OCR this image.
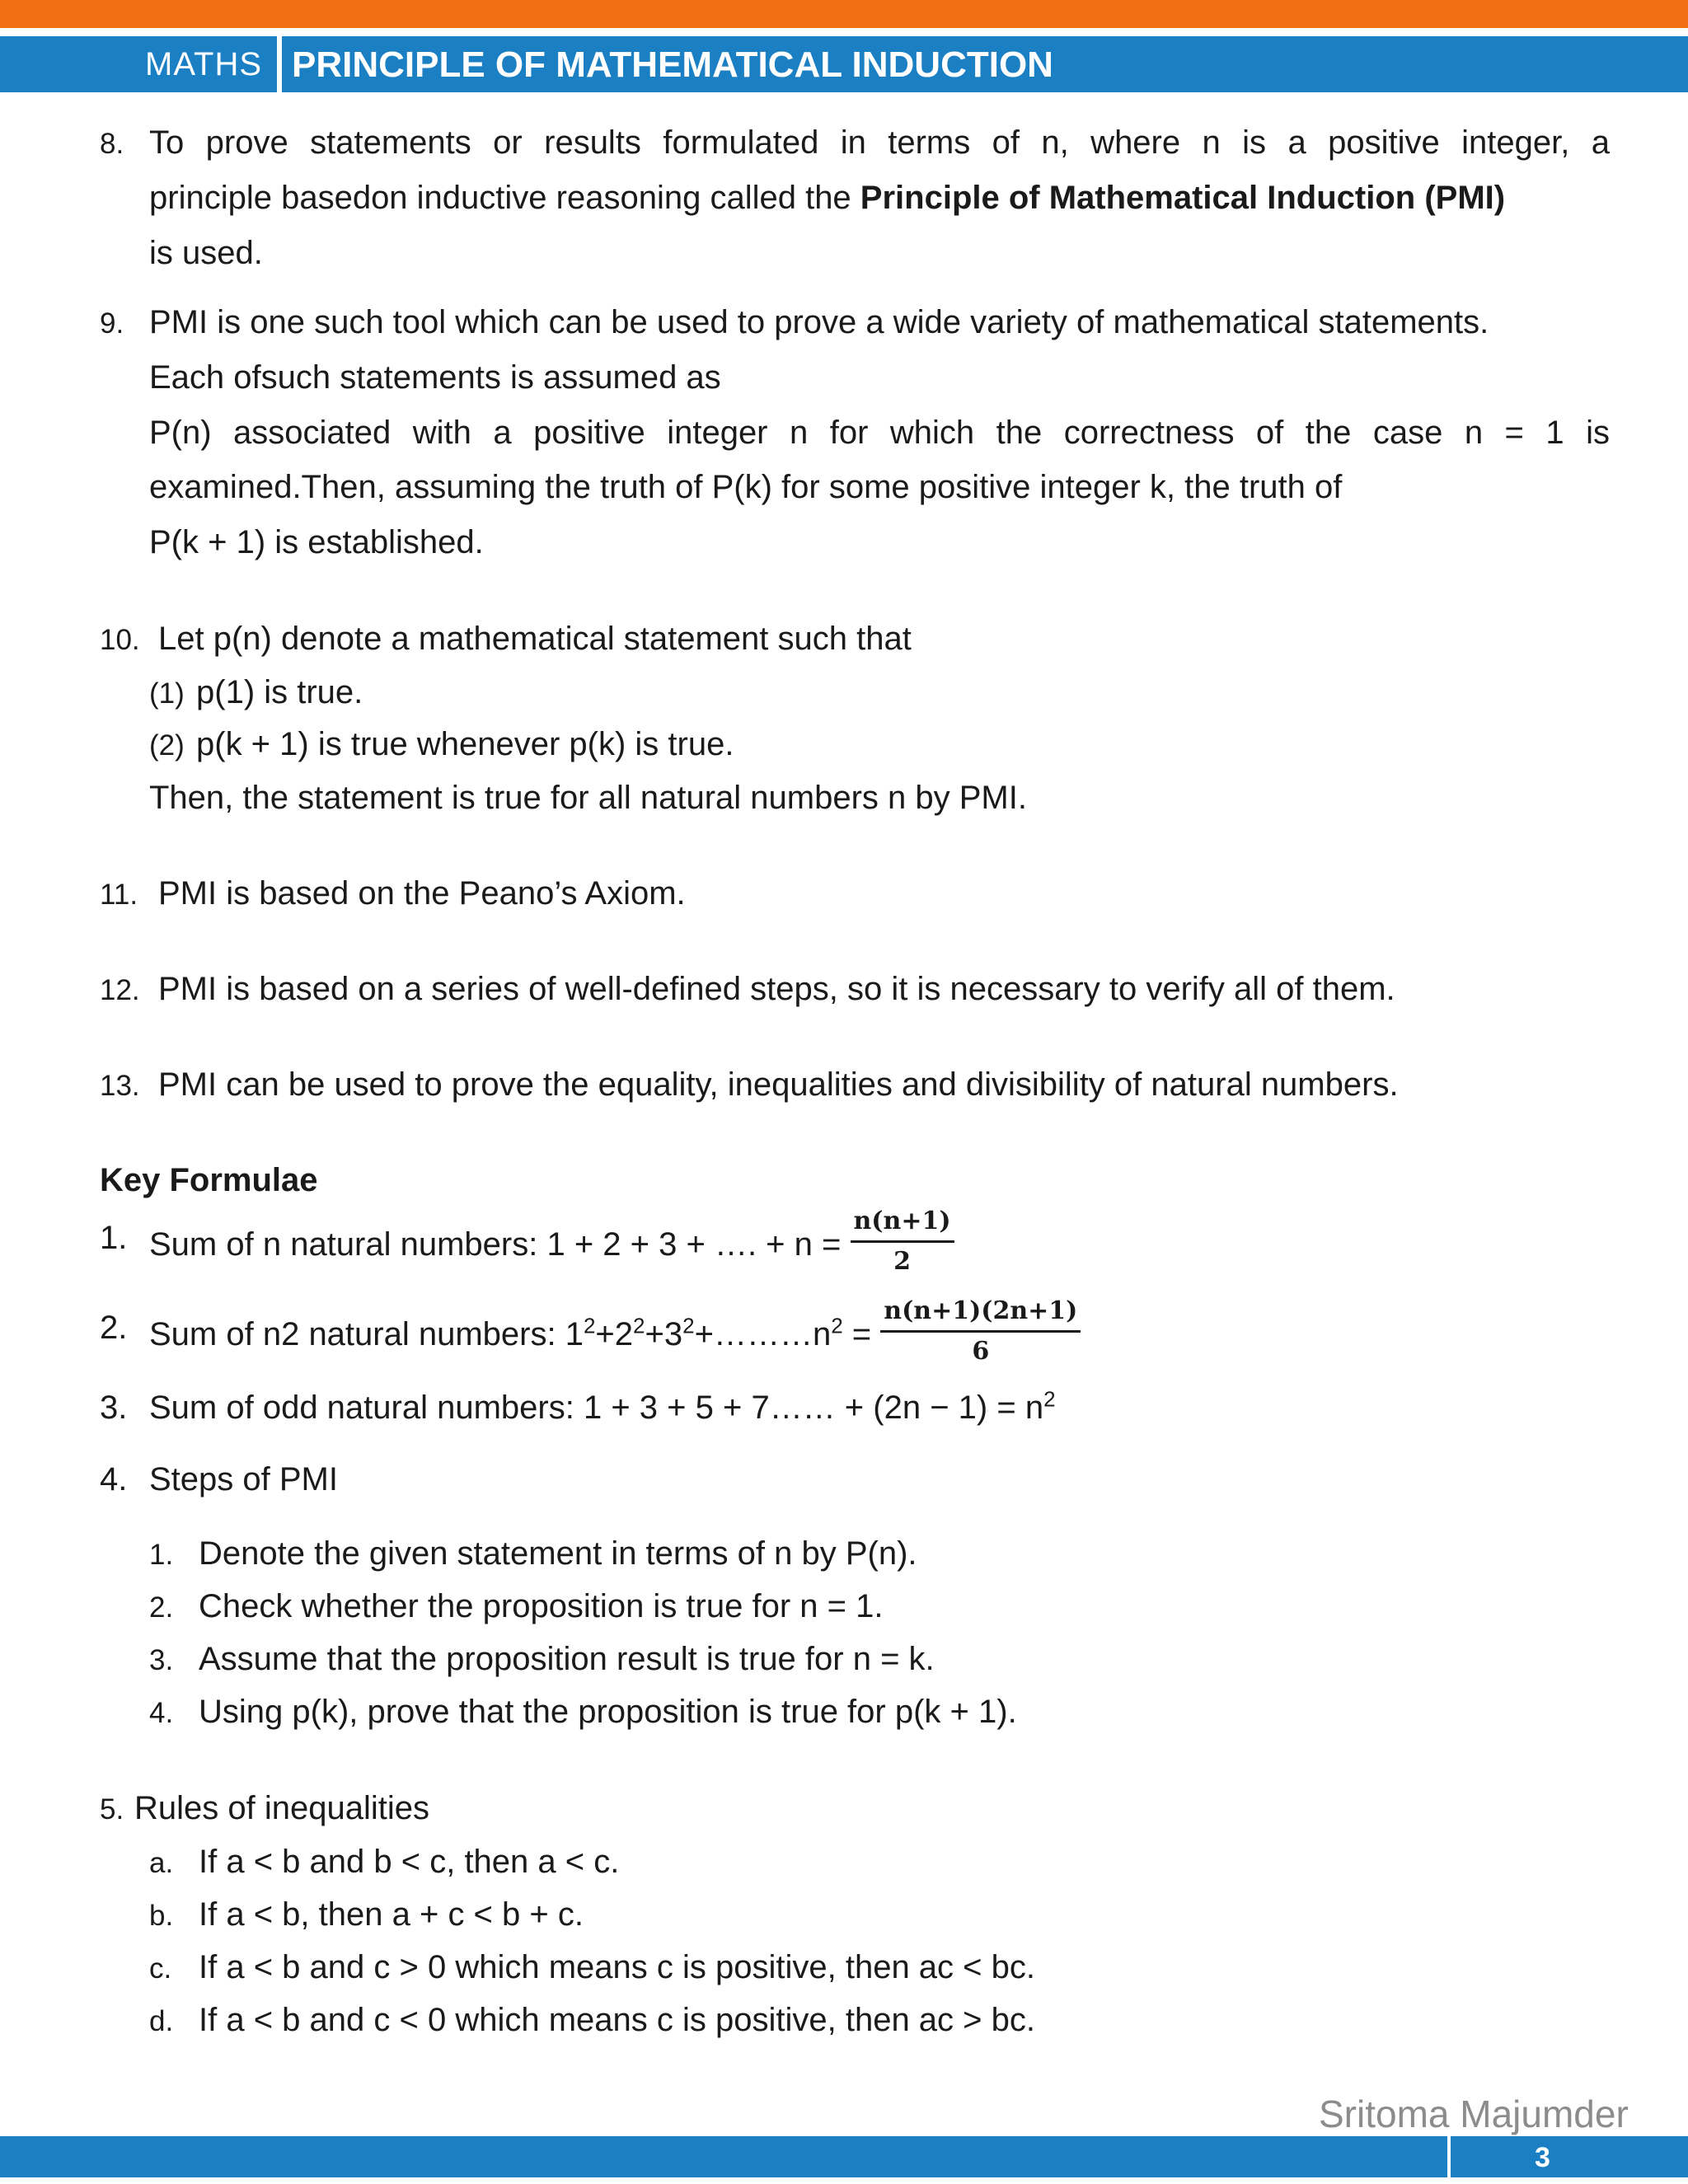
MATHS PRINCIPLE OF MATHEMATICAL INDUCTION
8. To prove statements or results formulated in terms of n, where n is a positive integer, a
principle basedon inductive reasoning called the Principle of Mathematical Induction (PMI)
is used.
9. PMI is one such tool which can be used to prove a wide variety of mathematical statements.
Each ofsuch statements is assumed as
P(n) associated with a positive integer n for which the correctness of the case n = 1 is
examined.Then, assuming the truth of P(k) for some positive integer k, the truth of
P(k + 1) is established.
10. Let p(n) denote a mathematical statement such that
(1) p(1) is true.
(2) p(k + 1) is true whenever p(k) is true.
Then, the statement is true for all natural numbers n by PMI.
11. PMI is based on the Peano’s Axiom.
12. PMI is based on a series of well-defined steps, so it is necessary to verify all of them.
13. PMI can be used to prove the equality, inequalities and divisibility of natural numbers.
Key Formulae
1. Sum of n natural numbers: 1 + 2 + 3 + …. + $n = \frac{n(n+1)}{2}$
2. Sum of n2 natural numbers: $1^2+2^2+3^2+\dots\dots\dots n^2 = \frac{n(n+1)(2n+1)}{6}$
3. Sum of odd natural numbers: 1 + 3 + 5 + 7…… + $(2n - 1) = n^2$
4. Steps of PMI
1. Denote the given statement in terms of n by P(n).
2. Check whether the proposition is true for n = 1.
3. Assume that the proposition result is true for n = k.
4. Using p(k), prove that the proposition is true for p(k + 1).
5. Rules of inequalities
a. If a < b and b < c, then a < c.
b. If a < b, then a + c < b + c.
c. If a < b and c > 0 which means c is positive, then ac < bc.
d. If a < b and c < 0 which means c is positive, then ac > bc.
Sritoma Majumder
3
